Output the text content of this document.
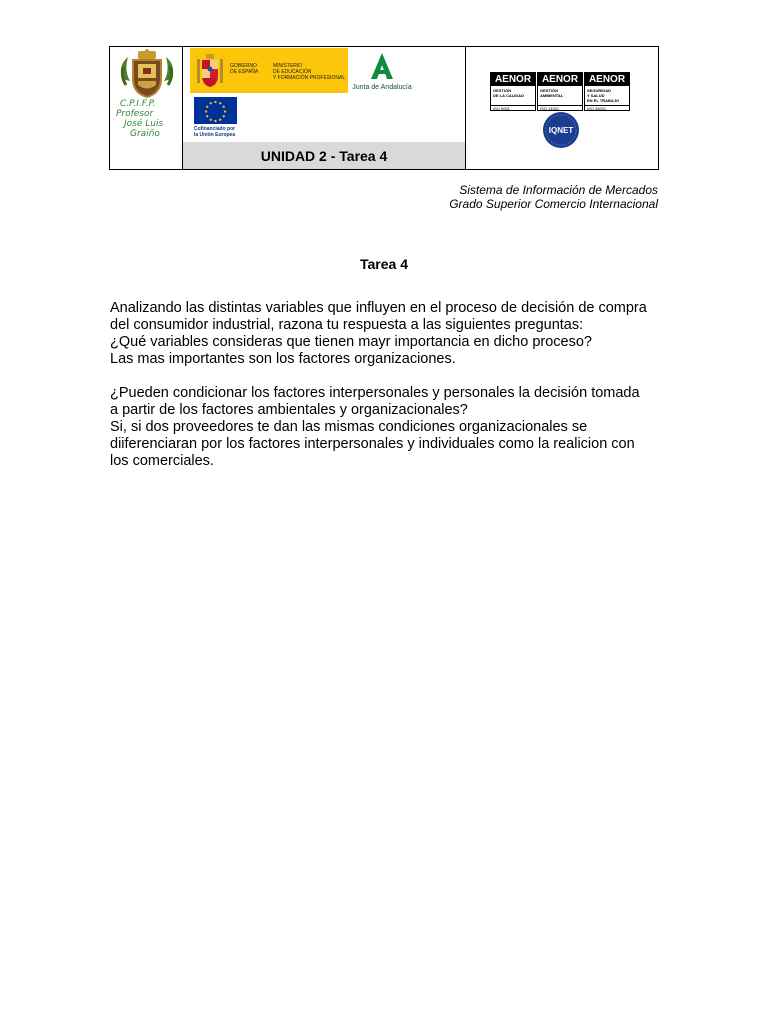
C.P.I.F.P.
Profesor
José Luis
Graiño
GOBIERNO
DE ESPAÑA
MINISTERIO
DE EDUCACIÓN
Y FORMACIÓN PROFESIONAL
Junta de Andalucía
Cofinanciado por
la Unión Europea
UNIDAD 2 - Tarea 4
AENOR
GESTIÓN
DE LA CALIDAD
ISO 9001
AENOR
GESTIÓN
AMBIENTAL
ISO 14001
AENOR
SEGURIDAD
Y SALUD
EN EL TRABAJO
ISO 45001
IQNET
Sistema de Información de Mercados
Grado Superior Comercio Internacional
Tarea 4

Analizando las distintas variables que influyen en el proceso de decisión de compra del consumidor industrial, razona tu respuesta a las siguientes preguntas:

¿Qué variables consideras que tienen mayr importancia en dicho proceso?

Las mas importantes son los factores organizaciones.

¿Pueden condicionar los factores interpersonales y personales la decisión tomada a partir de los factores ambientales y organizacionales?

Si, si dos proveedores te dan las mismas condiciones organizacionales se diiferenciaran por los factores interpersonales y individuales como la realicion con los comerciales.
